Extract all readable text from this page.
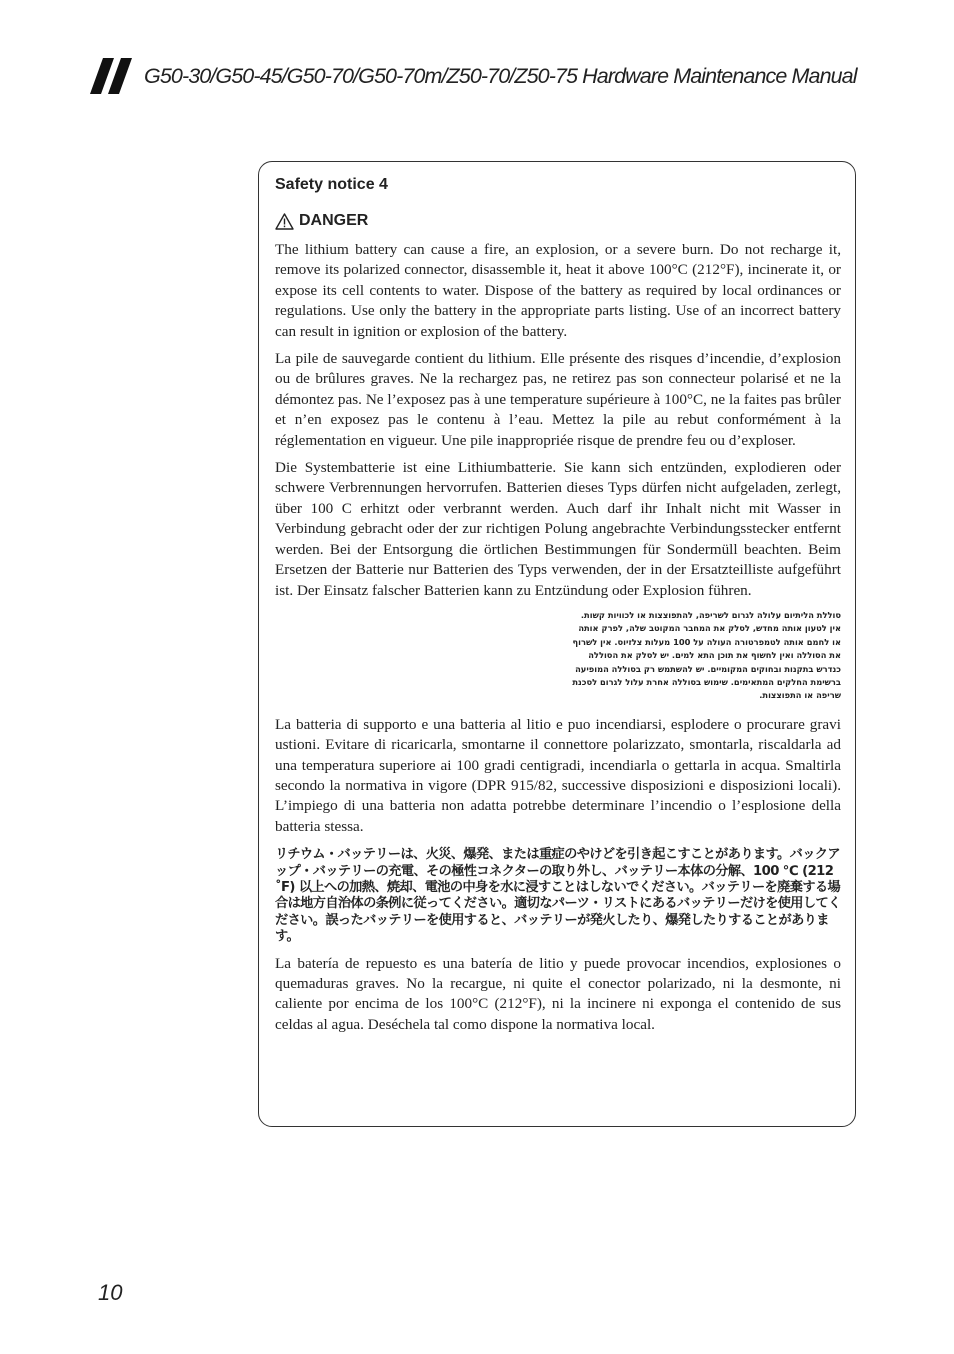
G50-30/G50-45/G50-70/G50-70m/Z50-70/Z50-75 Hardware Maintenance Manual

Safety notice 4

DANGER

The lithium battery can cause a fire, an explosion, or a severe burn. Do not recharge it, remove its polarized connector, disassemble it, heat it above 100°C (212°F), incinerate it, or expose its cell contents to water. Dispose of the battery as required by local ordinances or regulations. Use only the battery in the appropriate parts listing. Use of an incorrect battery can result in ignition or explosion of the battery.

La pile de sauvegarde contient du lithium. Elle présente des risques d’incendie, d’explosion ou de brûlures graves. Ne la rechargez pas, ne retirez pas son connecteur polarisé et ne la démontez pas. Ne l’exposez pas à une temperature supérieure à 100°C, ne la faites pas brûler et n’en exposez pas le contenu à l’eau. Mettez la pile au rebut conformément à la réglementation en vigueur. Une pile inappropriée risque de prendre feu ou d’exploser.

Die Systembatterie ist eine Lithiumbatterie. Sie kann sich entzünden, explodieren oder schwere Verbrennungen hervorrufen. Batterien dieses Typs dürfen nicht aufgeladen, zerlegt, über 100 C erhitzt oder verbrannt werden. Auch darf ihr Inhalt nicht mit Wasser in Verbindung gebracht oder der zur richtigen Polung angebrachte Verbindungsstecker entfernt werden. Bei der Entsorgung die örtlichen Bestimmungen für Sondermüll beachten. Beim Ersetzen der Batterie nur Batterien des Typs verwenden, der in der Ersatzteilliste aufgeführt ist. Der Einsatz falscher Batterien kann zu Entzündung oder Explosion führen.

סוללת הליתיום עלולה לגרום לשריפה, להתפוצצות או לכוויות קשות. אין לטעון אותה מחדש, לסלק את המחבר המקוטב שלה, לפרק אותה או לחמם אותה לטמפרטורה העולה על 100 מעלות צלזיוס. אין לשרוף את הסוללה ואין לחשוף את תוכן התא למים. יש לסלק את הסוללה כנדרש בתקנות ובחוקים המקומיים. יש להשתמש רק בסוללה המופיעה ברשימת החלקים המתאימים. שימוש בסוללה אחרת עלול לגרום לסכנת שריפה או התפוצצות.

La batteria di supporto e una batteria al litio e puo incendiarsi, esplodere o procurare gravi ustioni. Evitare di ricaricarla, smontarne il connettore polarizzato, smontarla, riscaldarla ad una temperatura superiore ai 100 gradi centigradi, incendiarla o gettarla in acqua. Smaltirla secondo la normativa in vigore (DPR 915/82, successive disposizioni e disposizioni locali). L’impiego di una batteria non adatta potrebbe determinare l’incendio o l’esplosione della batteria stessa.

リチウム・バッテリーは、火災、爆発、または重症のやけどを引き起こすことがあります。バックアップ・バッテリーの充電、その極性コネクターの取り外し、バッテリー本体の分解、100 ℃ (212 ˚F) 以上への加熱、焼却、電池の中身を水に浸すことはしないでください。バッテリーを廃棄する場合は地方自治体の条例に従ってください。適切なパーツ・リストにあるバッテリーだけを使用してください。誤ったバッテリーを使用すると、バッテリーが発火したり、爆発したりすることがあります。

La batería de repuesto es una batería de litio y puede provocar incendios, explosiones o quemaduras graves. No la recargue, ni quite el conector polarizado, ni la desmonte, ni caliente por encima de los 100°C (212°F), ni la incinere ni exponga el contenido de sus celdas al agua. Deséchela tal como dispone la normativa local.

10
